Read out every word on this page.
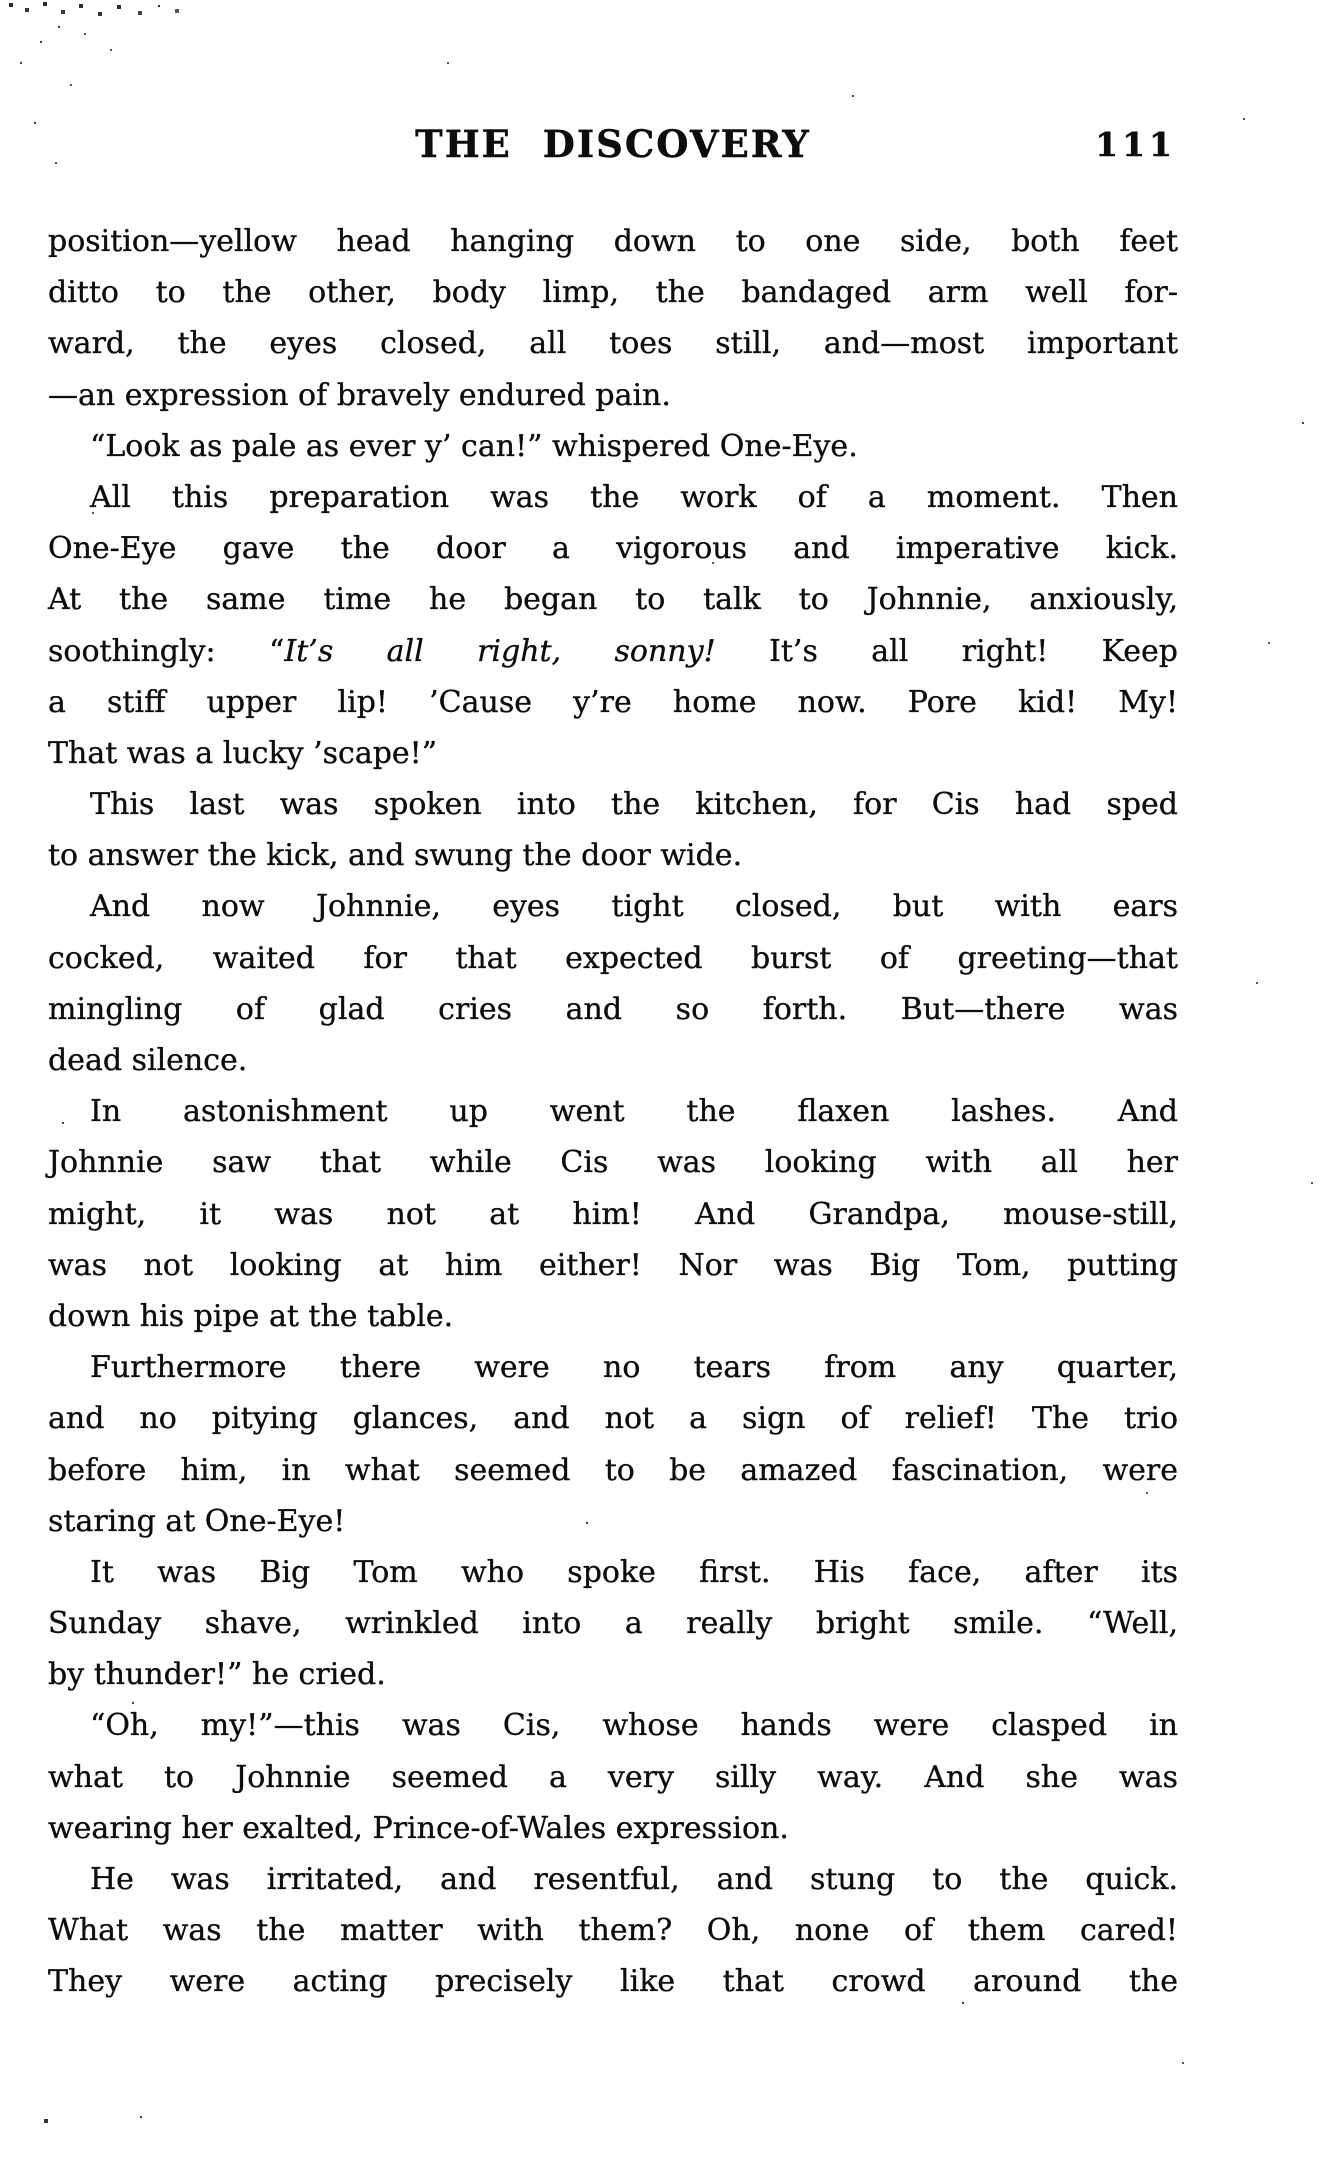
THE DISCOVERY	111
position—yellow head hanging down to one side, both feet
ditto to the other, body limp, the bandaged arm well for-
ward, the eyes closed, all toes still, and—most important
—an expression of bravely endured pain.
“Look as pale as ever y’ can!” whispered One-Eye.
All this preparation was the work of a moment. Then
One-Eye gave the door a vigorous and imperative kick.
At the same time he began to talk to Johnnie, anxiously,
soothingly: “It’s all right, sonny! It’s all right! Keep
a stiff upper lip! ’Cause y’re home now. Pore kid! My!
That was a lucky ’scape!”
This last was spoken into the kitchen, for Cis had sped
to answer the kick, and swung the door wide.
And now Johnnie, eyes tight closed, but with ears
cocked, waited for that expected burst of greeting—that
mingling of glad cries and so forth. But—there was
dead silence.
In astonishment up went the flaxen lashes. And
Johnnie saw that while Cis was looking with all her
might, it was not at him! And Grandpa, mouse-still,
was not looking at him either! Nor was Big Tom, putting
down his pipe at the table.
Furthermore there were no tears from any quarter,
and no pitying glances, and not a sign of relief! The trio
before him, in what seemed to be amazed fascination, were
staring at One-Eye!
It was Big Tom who spoke first. His face, after its
Sunday shave, wrinkled into a really bright smile. “Well,
by thunder!” he cried.
“Oh, my!”—this was Cis, whose hands were clasped in
what to Johnnie seemed a very silly way. And she was
wearing her exalted, Prince-of-Wales expression.
He was irritated, and resentful, and stung to the quick.
What was the matter with them? Oh, none of them cared!
They were acting precisely like that crowd around the
